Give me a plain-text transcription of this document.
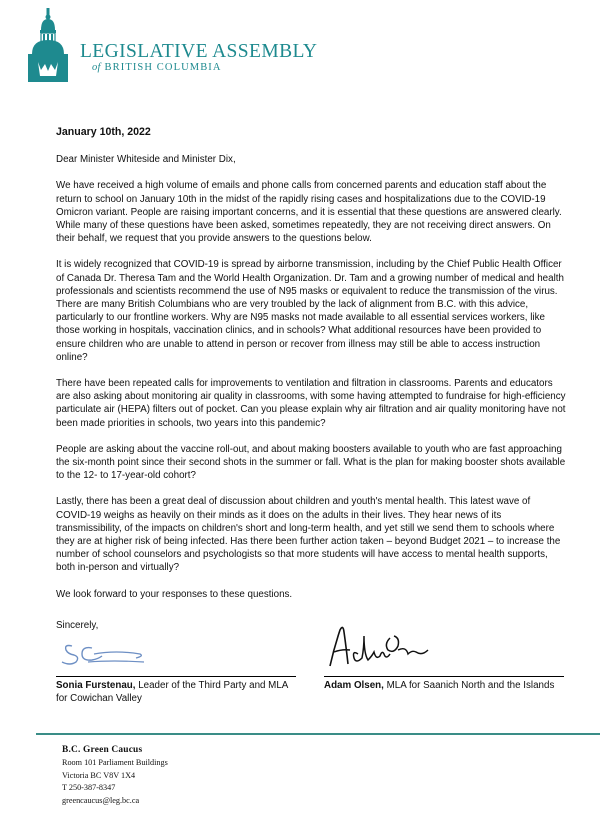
LEGISLATIVE ASSEMBLY
of BRITISH COLUMBIA

January 10th, 2022

Dear Minister Whiteside and Minister Dix,

We have received a high volume of emails and phone calls from concerned parents and education staff about the return to school on January 10th in the midst of the rapidly rising cases and hospitalizations due to the COVID-19 Omicron variant. People are raising important concerns, and it is essential that these questions are answered clearly. While many of these questions have been asked, sometimes repeatedly, they are not receiving direct answers. On their behalf, we request that you provide answers to the questions below.

It is widely recognized that COVID-19 is spread by airborne transmission, including by the Chief Public Health Officer of Canada Dr. Theresa Tam and the World Health Organization. Dr. Tam and a growing number of medical and health professionals and scientists recommend the use of N95 masks or equivalent to reduce the transmission of the virus. There are many British Columbians who are very troubled by the lack of alignment from B.C. with this advice, particularly to our frontline workers. Why are N95 masks not made available to all essential services workers, like those working in hospitals, vaccination clinics, and in schools? What additional resources have been provided to ensure children who are unable to attend in person or recover from illness may still be able to access instruction online?

There have been repeated calls for improvements to ventilation and filtration in classrooms. Parents and educators are also asking about monitoring air quality in classrooms, with some having attempted to fundraise for high-efficiency particulate air (HEPA) filters out of pocket. Can you please explain why air filtration and air quality monitoring have not been made priorities in schools, two years into this pandemic?

People are asking about the vaccine roll-out, and about making boosters available to youth who are fast approaching the six-month point since their second shots in the summer or fall. What is the plan for making booster shots available to the 12- to 17-year-old cohort?

Lastly, there has been a great deal of discussion about children and youth's mental health. This latest wave of COVID-19 weighs as heavily on their minds as it does on the adults in their lives. They hear news of its transmissibility, of the impacts on children's short and long-term health, and yet still we send them to schools where they are at higher risk of being infected. Has there been further action taken – beyond Budget 2021 – to increase the number of school counselors and psychologists so that more students will have access to mental health supports, both in-person and virtually?

We look forward to your responses to these questions.

Sincerely,
Sonia Furstenau, Leader of the Third Party and MLA for Cowichan Valley
Adam Olsen, MLA for Saanich North and the Islands
B.C. Green Caucus
Room 101 Parliament Buildings
Victoria BC V8V 1X4
T 250-387-8347
greencaucus@leg.bc.ca
